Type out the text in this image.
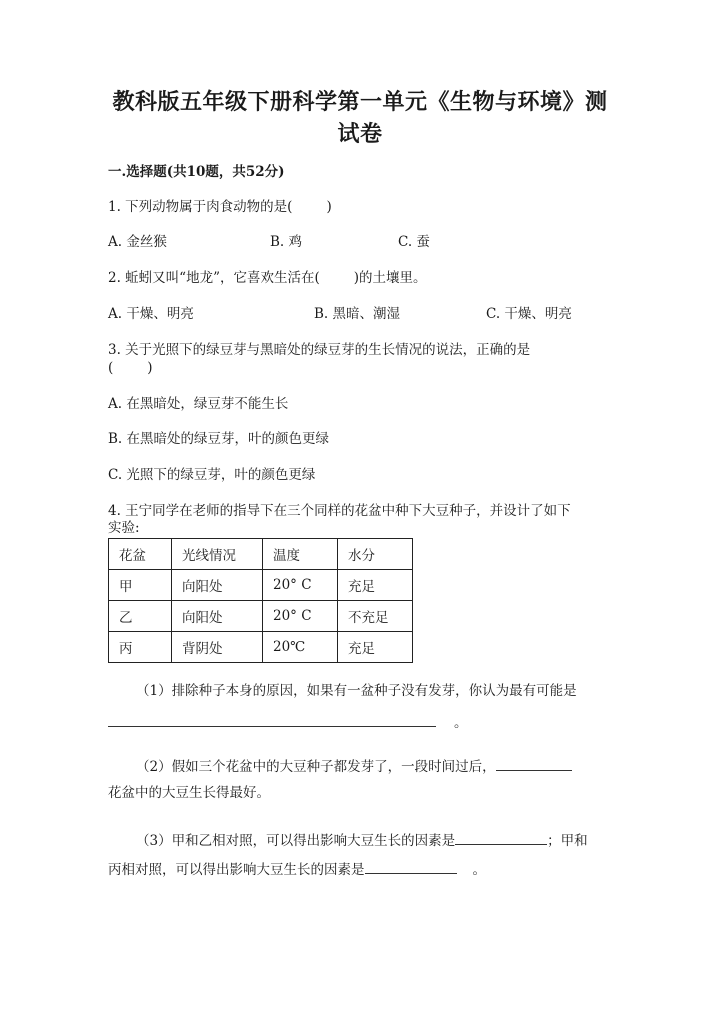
教科版五年级下册科学第一单元《生物与环境》测
试卷
一.选择题(共10题，共52分)
1. 下列动物属于肉食动物的是(	)
A. 金丝猴	B. 鸡	C. 蚕
2. 蚯蚓又叫“地龙”，它喜欢生活在(	)的土壤里。
A. 干燥、明亮	B. 黑暗、潮湿	C. 干燥、明亮
3. 关于光照下的绿豆芽与黑暗处的绿豆芽的生长情况的说法，正确的是
(	)
A. 在黑暗处，绿豆芽不能生长
B. 在黑暗处的绿豆芽，叶的颜色更绿
C. 光照下的绿豆芽，叶的颜色更绿
4. 王宁同学在老师的指导下在三个同样的花盆中种下大豆种子，并设计了如下
实验:
花盆	光线情况	温度	水分
甲	向阳处	20° C	充足
乙	向阳处	20° C	不充足
丙	背阴处	20℃	充足
（1）排除种子本身的原因，如果有一盆种子没有发芽，你认为最有可能是
。
（2）假如三个花盆中的大豆种子都发芽了，一段时间过后，
花盆中的大豆生长得最好。
（3）甲和乙相对照，可以得出影响大豆生长的因素是	；甲和
丙相对照，可以得出影响大豆生长的因素是	。
